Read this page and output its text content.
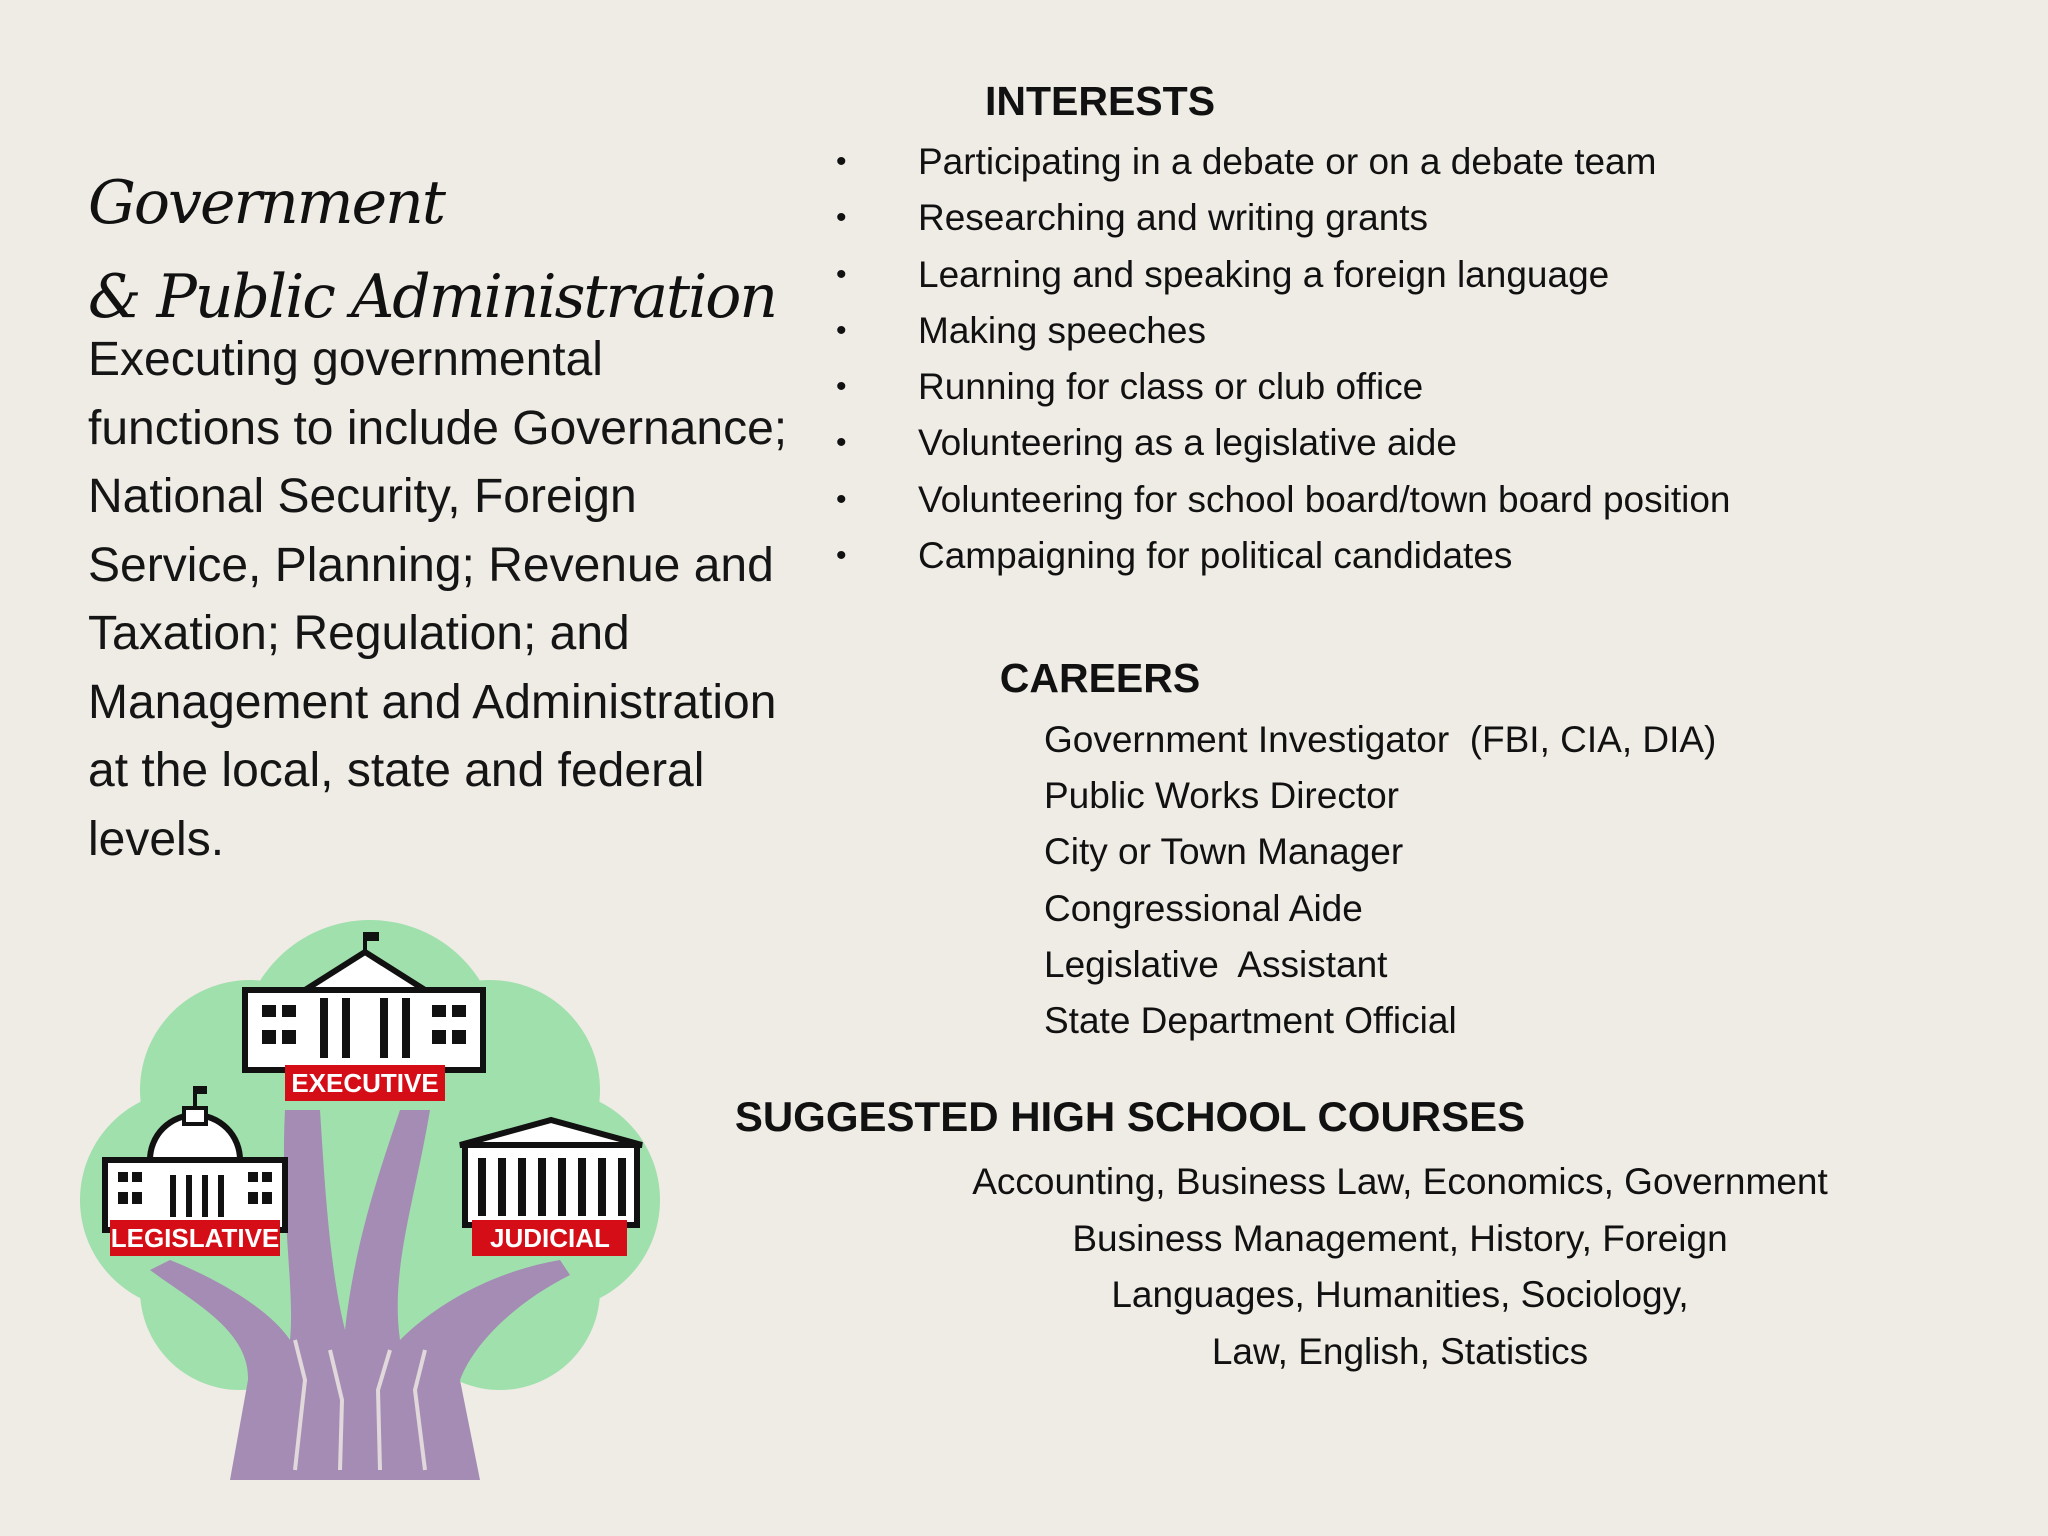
Government
& Public Administration
Executing governmental functions to include Governance; National Security, Foreign Service, Planning; Revenue and Taxation; Regulation; and Management and Administration at the local, state and federal levels.
INTERESTS
• Participating in a debate or on a debate team
• Researching and writing grants
• Learning and speaking a foreign language
• Making speeches
• Running for class or club office
• Volunteering as a legislative aide
• Volunteering for school board/town board position
• Campaigning for political candidates
CAREERS
Government Investigator  (FBI, CIA, DIA)
Public Works Director
City or Town Manager
Congressional Aide
Legislative  Assistant
State Department Official
SUGGESTED HIGH SCHOOL COURSES
Accounting, Business Law, Economics, Government
Business Management, History, Foreign
Languages, Humanities, Sociology,
Law, English, Statistics
EXECUTIVE
LEGISLATIVE	JUDICIAL
